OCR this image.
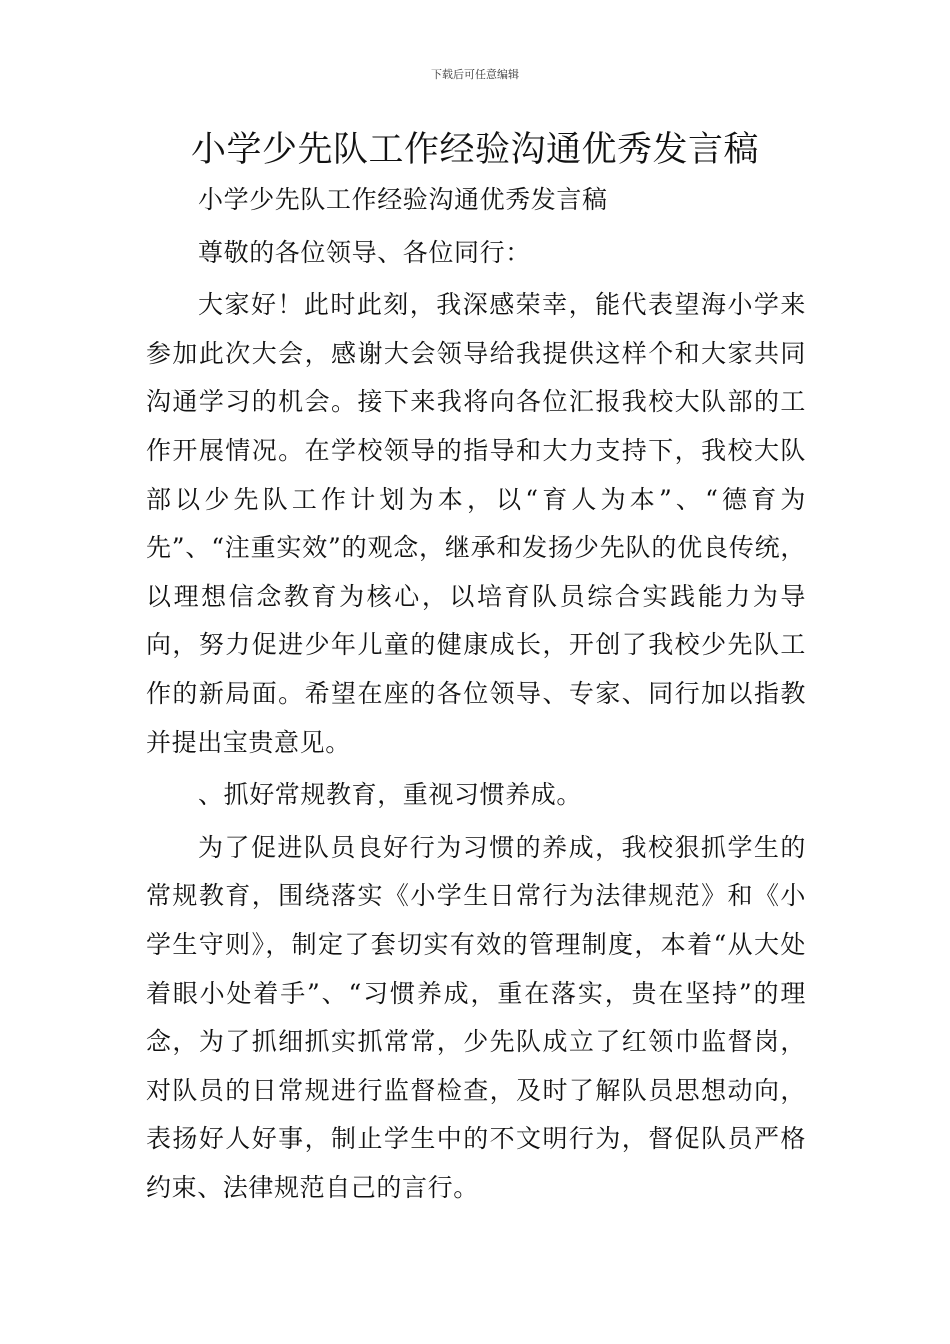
下载后可任意编辑
小学少先队工作经验沟通优秀发言稿

小学少先队工作经验沟通优秀发言稿

尊敬的各位领导、各位同行：

大家好！此时此刻，我深感荣幸，能代表望海小学来参加此次大会，感谢大会领导给我提供这样个和大家共同沟通学习的机会。接下来我将向各位汇报我校大队部的工作开展情况。在学校领导的指导和大力支持下，我校大队部以少先队工作计划为本，以“育人为本”、“德育为先”、“注重实效”的观念，继承和发扬少先队的优良传统，以理想信念教育为核心，以培育队员综合实践能力为导向，努力促进少年儿童的健康成长，开创了我校少先队工作的新局面。希望在座的各位领导、专家、同行加以指教并提出宝贵意见。

、抓好常规教育，重视习惯养成。

为了促进队员良好行为习惯的养成，我校狠抓学生的常规教育，围绕落实《小学生日常行为法律规范》和《小学生守则》，制定了套切实有效的管理制度，本着“从大处着眼小处着手”、“习惯养成，重在落实，贵在坚持”的理念，为了抓细抓实抓常常，少先队成立了红领巾监督岗，对队员的日常规进行监督检查，及时了解队员思想动向，表扬好人好事，制止学生中的不文明行为，督促队员严格约束、法律规范自己的言行。
